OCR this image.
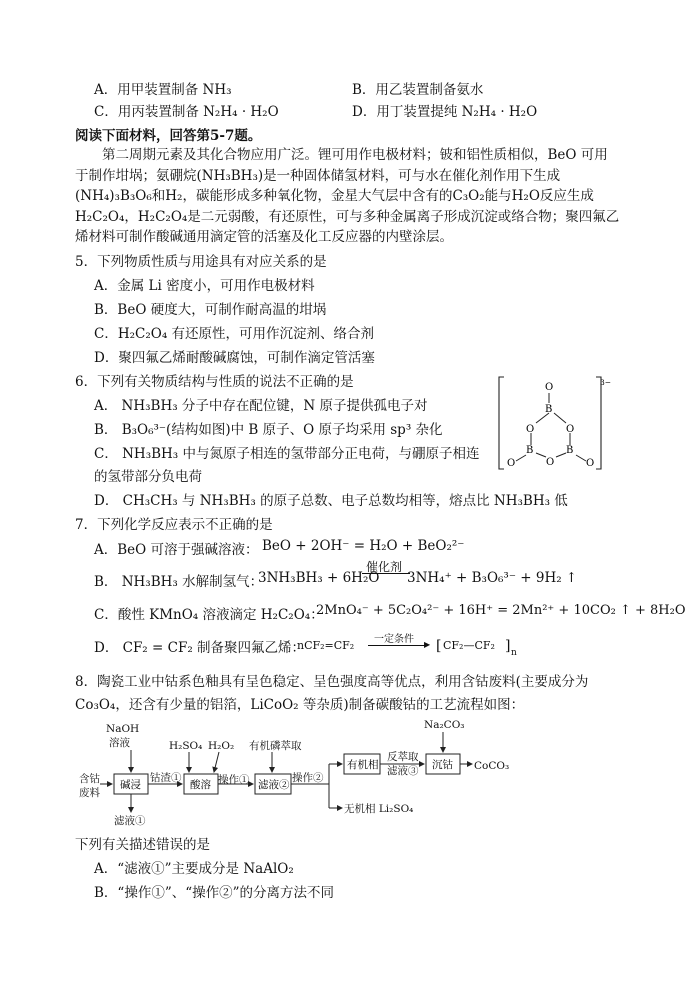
A．用甲装置制备 NH₃	B．用乙装置制备氨水
C．用丙装置制备 N₂H₄ · H₂O	D．用丁装置提纯 N₂H₄ · H₂O
阅读下面材料，回答第5-7题。
第二周期元素及其化合物应用广泛。锂可用作电极材料；铍和铝性质相似，BeO 可用于制作坩埚；氨硼烷(NH₃BH₃)是一种固体储氢材料，可与水在催化剂作用下生成(NH₄)₃B₃O₆和H₂，碳能形成多种氧化物，金星大气层中含有的C₃O₂能与H₂O反应生成H₂C₂O₄，H₂C₂O₄是二元弱酸，有还原性，可与多种金属离子形成沉淀或络合物；聚四氟乙烯材料可制作酸碱通用滴定管的活塞及化工反应器的内壁涂层。
5．下列物质性质与用途具有对应关系的是
A．金属 Li 密度小，可用作电极材料
B．BeO 硬度大，可制作耐高温的坩埚
C．H₂C₂O₄ 有还原性，可用作沉淀剂、络合剂
D．聚四氟乙烯耐酸碱腐蚀，可制作滴定管活塞
6．下列有关物质结构与性质的说法不正确的是
A． NH₃BH₃ 分子中存在配位键，N 原子提供孤电子对
B． B₃O₆³⁻(结构如图)中 B 原子、O 原子均采用 sp³ 杂化
C． NH₃BH₃ 中与氮原子相连的氢带部分正电荷，与硼原子相连
的氢带部分负电荷
D． CH₃CH₃ 与 NH₃BH₃ 的原子总数、电子总数均相等，熔点比 NH₃BH₃ 低
3−
O
B
O	O
B	B
O
O	O
7．下列化学反应表示不正确的是
A．BeO 可溶于强碱溶液： BeO + 2OH⁻ = H₂O + BeO₂²⁻
B． NH₃BH₃ 水解制氢气：
3NH₃BH₃ + 6H₂O
催化剂
3NH₄⁺ + B₃O₆³⁻ + 9H₂ ↑
C．酸性 KMnO₄ 溶液滴定 H₂C₂O₄：
2MnO₄⁻ + 5C₂O₄²⁻ + 16H⁺ = 2Mn²⁺ + 10CO₂ ↑ + 8H₂O
D． CF₂ = CF₂ 制备聚四氟乙烯：
nCF₂=CF₂ 一定条件 ▶ [ CF₂—CF₂ ] n
8．陶瓷工业中钴系色釉具有呈色稳定、呈色强度高等优点，利用含钴废料(主要成分为
Co₃O₄，还含有少量的铝箔，LiCoO₂ 等杂质)制备碳酸钴的工艺流程如图：
含钴
废料
NaOH
溶液
滤液①
钴渣①
H₂SO₄ H₂O₂
操作①
有机磷萃取
操作②
反萃取
滤液③
Na₂CO₃
CoCO₃
无机相 Li₂SO₄
碱浸	酸溶	滤液②
有机相	沉钴
下列有关描述错误的是
A．“滤液①”主要成分是 NaAlO₂
B．“操作①”、“操作②”的分离方法不同
